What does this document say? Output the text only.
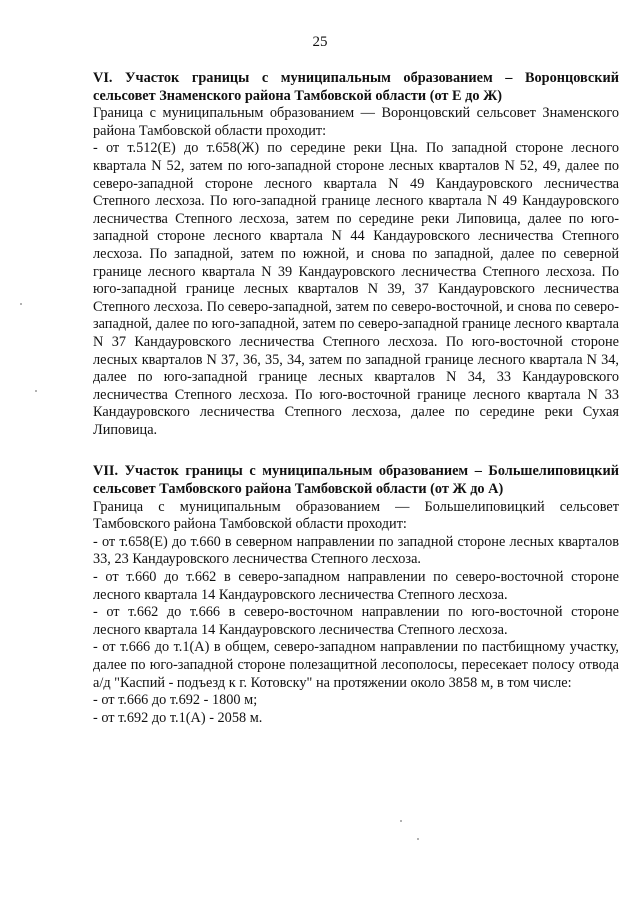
25

VI. Участок границы с муниципальным образованием – Воронцовский сельсовет Знаменского района Тамбовской области (от Е до Ж)

Граница с муниципальным образованием — Воронцовский сельсовет Знаменского района Тамбовской области проходит:

- от т.512(Е) до т.658(Ж) по середине реки Цна. По западной стороне лесного квартала N 52, затем по юго-западной стороне лесных кварталов N 52, 49, далее по северо-западной стороне лесного квартала N 49 Кандауровского лесничества Степного лесхоза. По юго-западной границе лесного квартала N 49 Кандауровского лесничества Степного лесхоза, затем по середине реки Липовица, далее по юго-западной стороне лесного квартала N 44 Кандауровского лесничества Степного лесхоза. По западной, затем по южной, и снова по западной, далее по северной границе лесного квартала N 39 Кандауровского лесничества Степного лесхоза. По юго-западной границе лесных кварталов N 39, 37 Кандауровского лесничества Степного лесхоза. По северо-западной, затем по северо-восточной, и снова по северо-западной, далее по юго-западной, затем по северо-западной границе лесного квартала N 37 Кандауровского лесничества Степного лесхоза. По юго-восточной стороне лесных кварталов N 37, 36, 35, 34, затем по западной границе лесного квартала N 34, далее по юго-западной границе лесных кварталов N 34, 33 Кандауровского лесничества Степного лесхоза. По юго-восточной границе лесного квартала N 33 Кандауровского лесничества Степного лесхоза, далее по середине реки Сухая Липовица.

VII. Участок границы с муниципальным образованием – Большелиповицкий сельсовет Тамбовского района Тамбовской области (от Ж до А)

Граница с муниципальным образованием — Большелиповицкий сельсовет Тамбовского района Тамбовской области проходит:

- от т.658(Е) до т.660 в северном направлении по западной стороне лесных кварталов 33, 23 Кандауровского лесничества Степного лесхоза.

- от т.660 до т.662 в северо-западном направлении по северо-восточной стороне лесного квартала 14 Кандауровского лесничества Степного лесхоза.

- от т.662 до т.666 в северо-восточном направлении по юго-восточной стороне лесного квартала 14 Кандауровского лесничества Степного лесхоза.

- от т.666 до т.1(А) в общем, северо-западном направлении по пастбищному участку, далее по юго-западной стороне полезащитной лесополосы, пересекает полосу отвода а/д "Каспий - подъезд к г. Котовску" на протяжении около 3858 м, в том числе:

- от т.666 до т.692 - 1800 м;

- от т.692 до т.1(А) - 2058 м.
